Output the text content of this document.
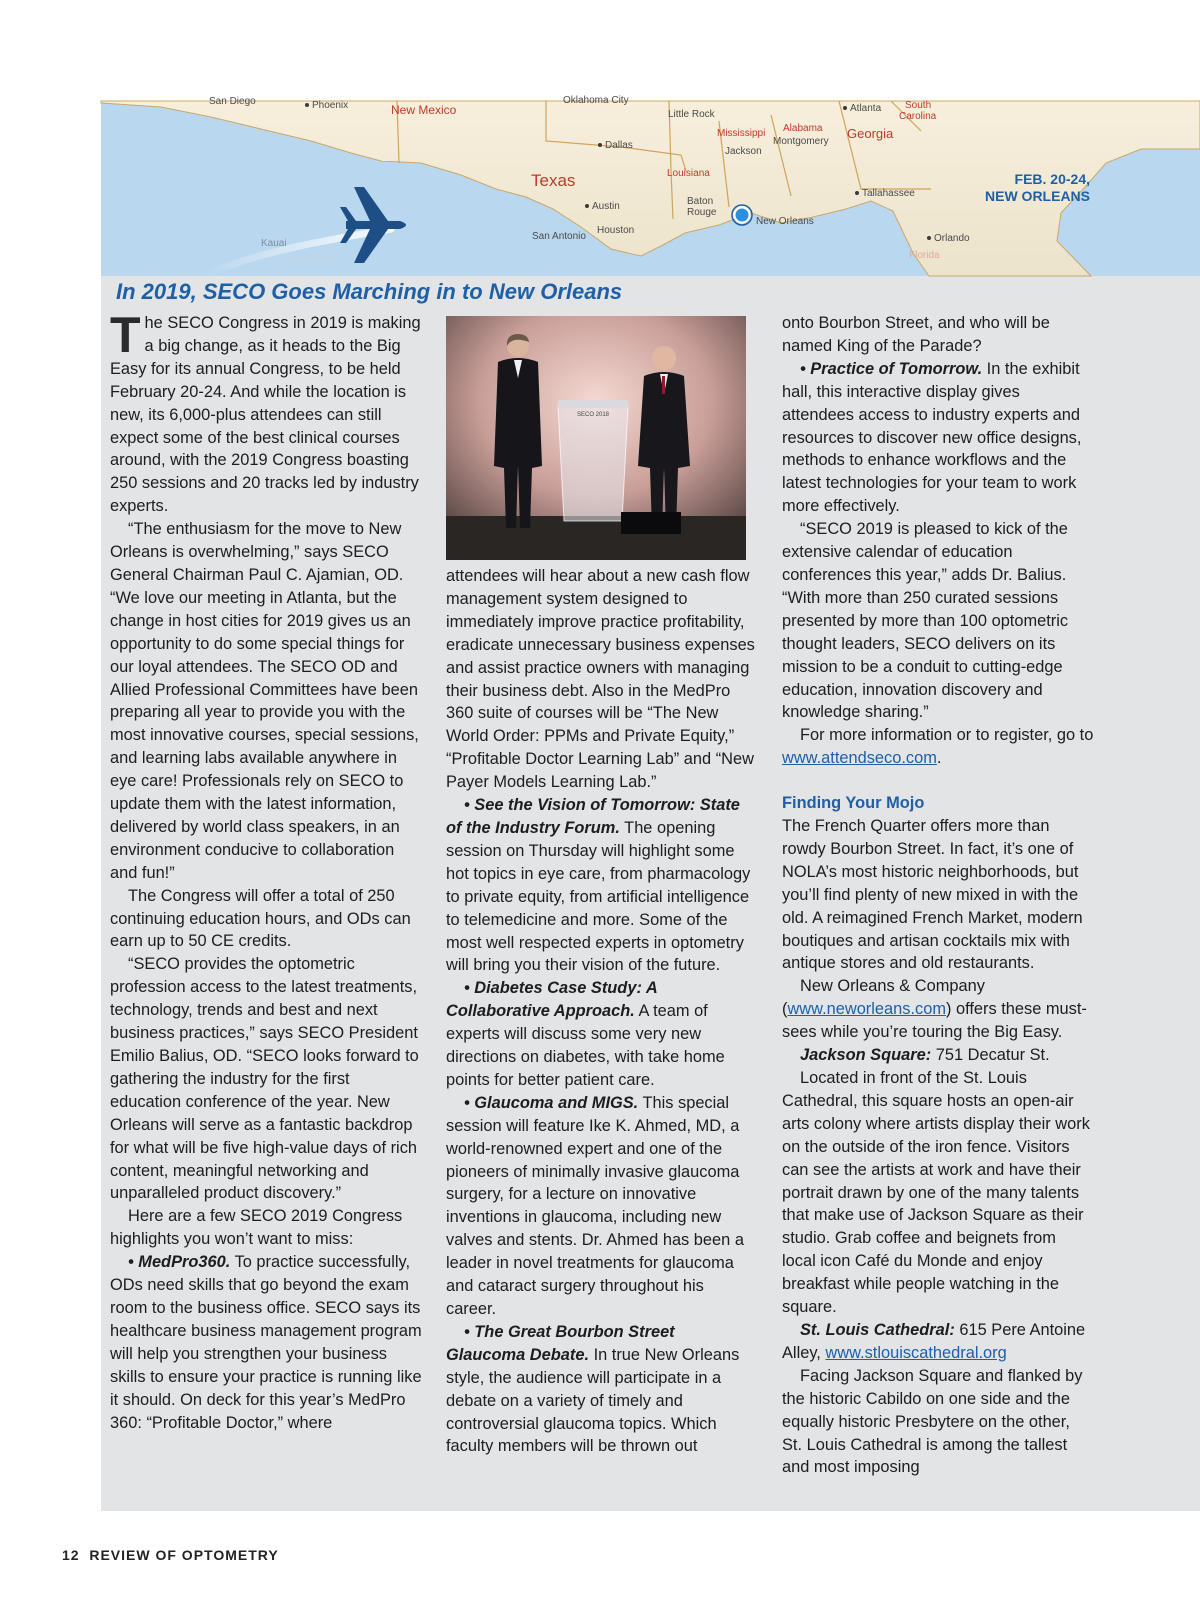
San Diego	Phoenix	New Mexico
Oklahoma City
Little Rock
Atlanta South
Carolina
Mississippi Alabama
Montgomery
Georgia
Dallas
Jackson
Texas	Louisiana
Tallahassee
Austin	Baton Rouge
Houston
New Orleans
San Antonio	Orlando
Florida
Kauai
Honolulu
FEB. 20-24,
NEW ORLEANS
In 2019, SECO Goes Marching in to New Orleans

The SECO Congress in 2019 is making a big change, as it heads to the Big Easy for its annual Congress, to be held February 20-24. And while the location is new, its 6,000-plus attendees can still expect some of the best clinical courses around, with the 2019 Congress boasting 250 sessions and 20 tracks led by industry experts.

“The enthusiasm for the move to New Orleans is overwhelming,” says SECO General Chairman Paul C. Ajamian, OD. “We love our meeting in Atlanta, but the change in host cities for 2019 gives us an opportunity to do some special things for our loyal attendees. The SECO OD and Allied Professional Committees have been preparing all year to provide you with the most innovative courses, special sessions, and learning labs available anywhere in eye care! Professionals rely on SECO to update them with the latest information, delivered by world class speakers, in an environment conducive to collaboration and fun!”

The Congress will offer a total of 250 continuing education hours, and ODs can earn up to 50 CE credits.

“SECO provides the optometric profession access to the latest treatments, technology, trends and best and next business practices,” says SECO President Emilio Balius, OD. “SECO looks forward to gathering the industry for the first education conference of the year. New Orleans will serve as a fantastic backdrop for what will be five high-value days of rich content, meaningful networking and unparalleled product discovery.”

Here are a few SECO 2019 Congress highlights you won’t want to miss:

• MedPro360. To practice successfully, ODs need skills that go beyond the exam room to the business office. SECO says its healthcare business management program will help you strengthen your business skills to ensure your practice is running like it should. On deck for this year’s MedPro 360: “Profitable Doctor,” where

SECO 2018

attendees will hear about a new cash flow management system designed to immediately improve practice profitability, eradicate unnecessary business expenses and assist practice owners with managing their business debt. Also in the MedPro 360 suite of courses will be “The New World Order: PPMs and Private Equity,” “Profitable Doctor Learning Lab” and “New Payer Models Learning Lab.”

• See the Vision of Tomorrow: State of the Industry Forum. The opening session on Thursday will highlight some hot topics in eye care, from pharmacology to private equity, from artificial intelligence to telemedicine and more. Some of the most well respected experts in optometry will bring you their vision of the future.

• Diabetes Case Study: A Collaborative Approach. A team of experts will discuss some very new directions on diabetes, with take home points for better patient care.

• Glaucoma and MIGS. This special session will feature Ike K. Ahmed, MD, a world-renowned expert and one of the pioneers of minimally invasive glaucoma surgery, for a lecture on innovative inventions in glaucoma, including new valves and stents. Dr. Ahmed has been a leader in novel treatments for glaucoma and cataract surgery throughout his career.

• The Great Bourbon Street Glaucoma Debate. In true New Orleans style, the audience will participate in a debate on a variety of timely and controversial glaucoma topics. Which faculty members will be thrown out

onto Bourbon Street, and who will be named King of the Parade?

• Practice of Tomorrow. In the exhibit hall, this interactive display gives attendees access to industry experts and resources to discover new office designs, methods to enhance workflows and the latest technologies for your team to work more effectively.

“SECO 2019 is pleased to kick of the extensive calendar of education conferences this year,” adds Dr. Balius. “With more than 250 curated sessions presented by more than 100 optometric thought leaders, SECO delivers on its mission to be a conduit to cutting-edge education, innovation discovery and knowledge sharing.”

For more information or to register, go to www.attendseco.com.

Finding Your Mojo

The French Quarter offers more than rowdy Bourbon Street. In fact, it’s one of NOLA’s most historic neighborhoods, but you’ll find plenty of new mixed in with the old. A reimagined French Market, modern boutiques and artisan cocktails mix with antique stores and old restaurants.

New Orleans & Company (www.neworleans.com) offers these must-sees while you’re touring the Big Easy.

Jackson Square: 751 Decatur St.

Located in front of the St. Louis Cathedral, this square hosts an open-air arts colony where artists display their work on the outside of the iron fence. Visitors can see the artists at work and have their portrait drawn by one of the many talents that make use of Jackson Square as their studio. Grab coffee and beignets from local icon Café du Monde and enjoy breakfast while people watching in the square.

St. Louis Cathedral: 615 Pere Antoine Alley, www.stlouiscathedral.org

Facing Jackson Square and flanked by the historic Cabildo on one side and the equally historic Presbytere on the other, St. Louis Cathedral is among the tallest and most imposing

12 REVIEW OF OPTOMETRY
